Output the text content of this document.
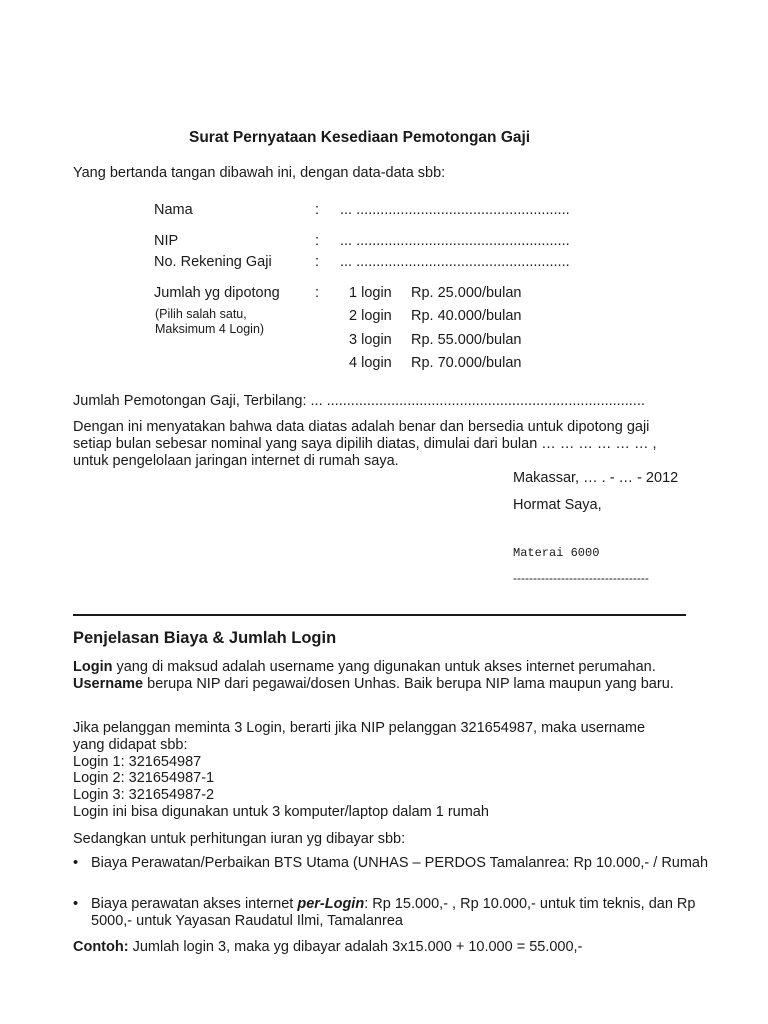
Surat Pernyataan Kesediaan Pemotongan Gaji
Yang bertanda tangan dibawah ini, dengan data-data sbb:
Nama	: ... .....................................................
NIP	: ... .....................................................
No. Rekening Gaji	: ... .....................................................
Jumlah yg dipotong :
(Pilih salah satu,
Maksimum 4 Login)
1 login Rp. 25.000/bulan
2 login Rp. 40.000/bulan
3 login Rp. 55.000/bulan
4 login Rp. 70.000/bulan
Jumlah Pemotongan Gaji, Terbilang: ... ...............................................................................
Dengan ini menyatakan bahwa data diatas adalah benar dan bersedia untuk dipotong gaji
setiap bulan sebesar nominal yang saya dipilih diatas, dimulai dari bulan … … … … … … ,
untuk pengelolaan jaringan internet di rumah saya.
Makassar, … . - … - 2012
Hormat Saya,
Materai 6000
----------------------------------
Penjelasan Biaya & Jumlah Login
Login yang di maksud adalah username yang digunakan untuk akses internet perumahan. Username berupa NIP dari pegawai/dosen Unhas. Baik berupa NIP lama maupun yang baru.
Jika pelanggan meminta 3 Login, berarti jika NIP pelanggan 321654987, maka username
yang didapat sbb:
Login 1: 321654987
Login 2: 321654987-1
Login 3: 321654987-2
Login ini bisa digunakan untuk 3 komputer/laptop dalam 1 rumah
Sedangkan untuk perhitungan iuran yg dibayar sbb:
• Biaya Perawatan/Perbaikan BTS Utama (UNHAS – PERDOS Tamalanrea: Rp 10.000,- / Rumah
• Biaya perawatan akses internet per-Login: Rp 15.000,- , Rp 10.000,- untuk tim teknis, dan Rp 5000,- untuk Yayasan Raudatul Ilmi, Tamalanrea
Contoh: Jumlah login 3, maka yg dibayar adalah 3x15.000 + 10.000 = 55.000,-
